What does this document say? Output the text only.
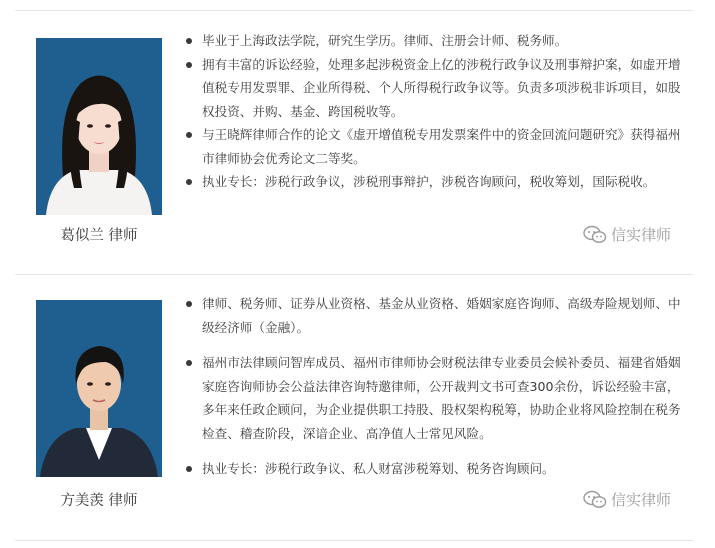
葛似兰 律师
毕业于上海政法学院，研究生学历。律师、注册会计师、税务师。
拥有丰富的诉讼经验，处理多起涉税资金上亿的涉税行政争议及刑事辩护案，如虚开增值税专用发票罪、企业所得税、个人所得税行政争议等。负责多项涉税非诉项目，如股权投资、并购、基金、跨国税收等。
与王晓辉律师合作的论文《虚开增值税专用发票案件中的资金回流问题研究》获得福州市律师协会优秀论文二等奖。
执业专长：涉税行政争议，涉税刑事辩护，涉税咨询顾问，税收筹划，国际税收。
信实律师
方美羡 律师
律师、税务师、证券从业资格、基金从业资格、婚姻家庭咨询师、高级寿险规划师、中级经济师（金融）。
福州市法律顾问智库成员、福州市律师协会财税法律专业委员会候补委员、福建省婚姻家庭咨询师协会公益法律咨询特邀律师，公开裁判文书可查300余份，诉讼经验丰富，多年来任政企顾问，为企业提供职工持股、股权架构税筹，协助企业将风险控制在税务检查、稽查阶段，深谙企业、高净值人士常见风险。
执业专长：涉税行政争议、私人财富涉税筹划、税务咨询顾问。
信实律师
